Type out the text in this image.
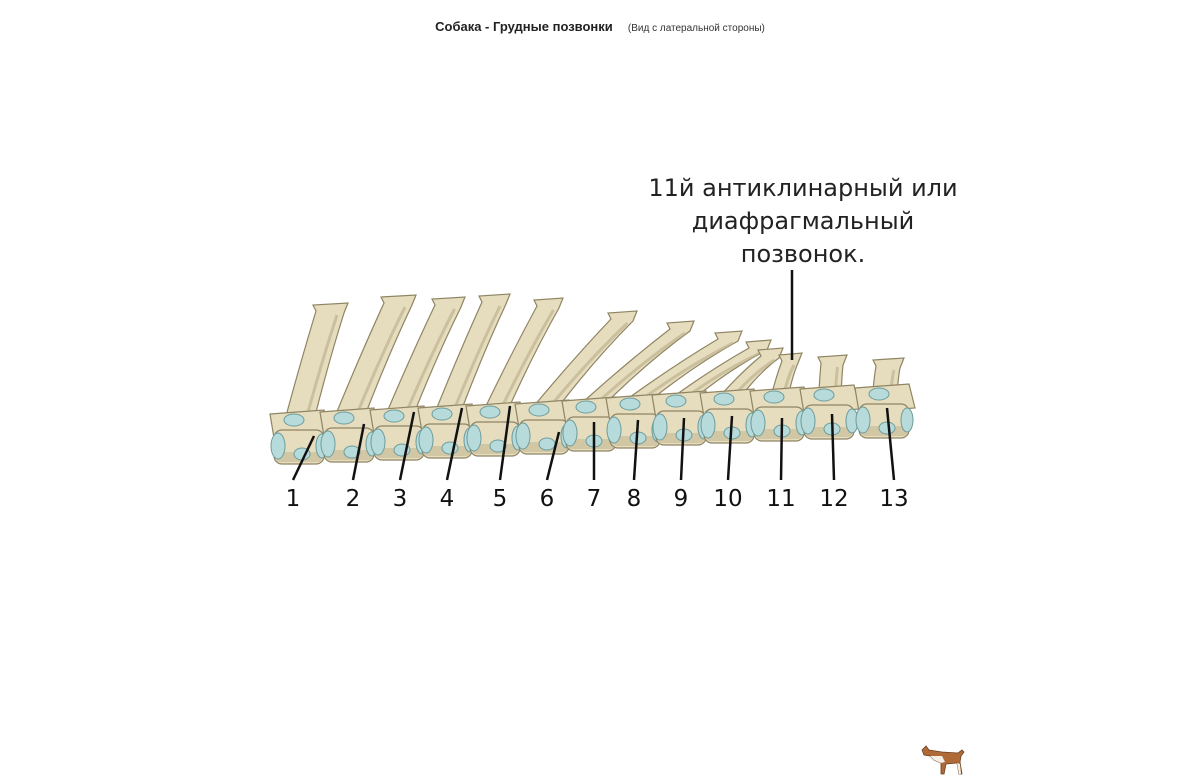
Собака - Грудные позвонки (Вид с латеральной стороны)
1 2 3 4 5 6 7 8 9 10 11 12 13
11й антиклинарный или
диафрагмальный
позвонок.
